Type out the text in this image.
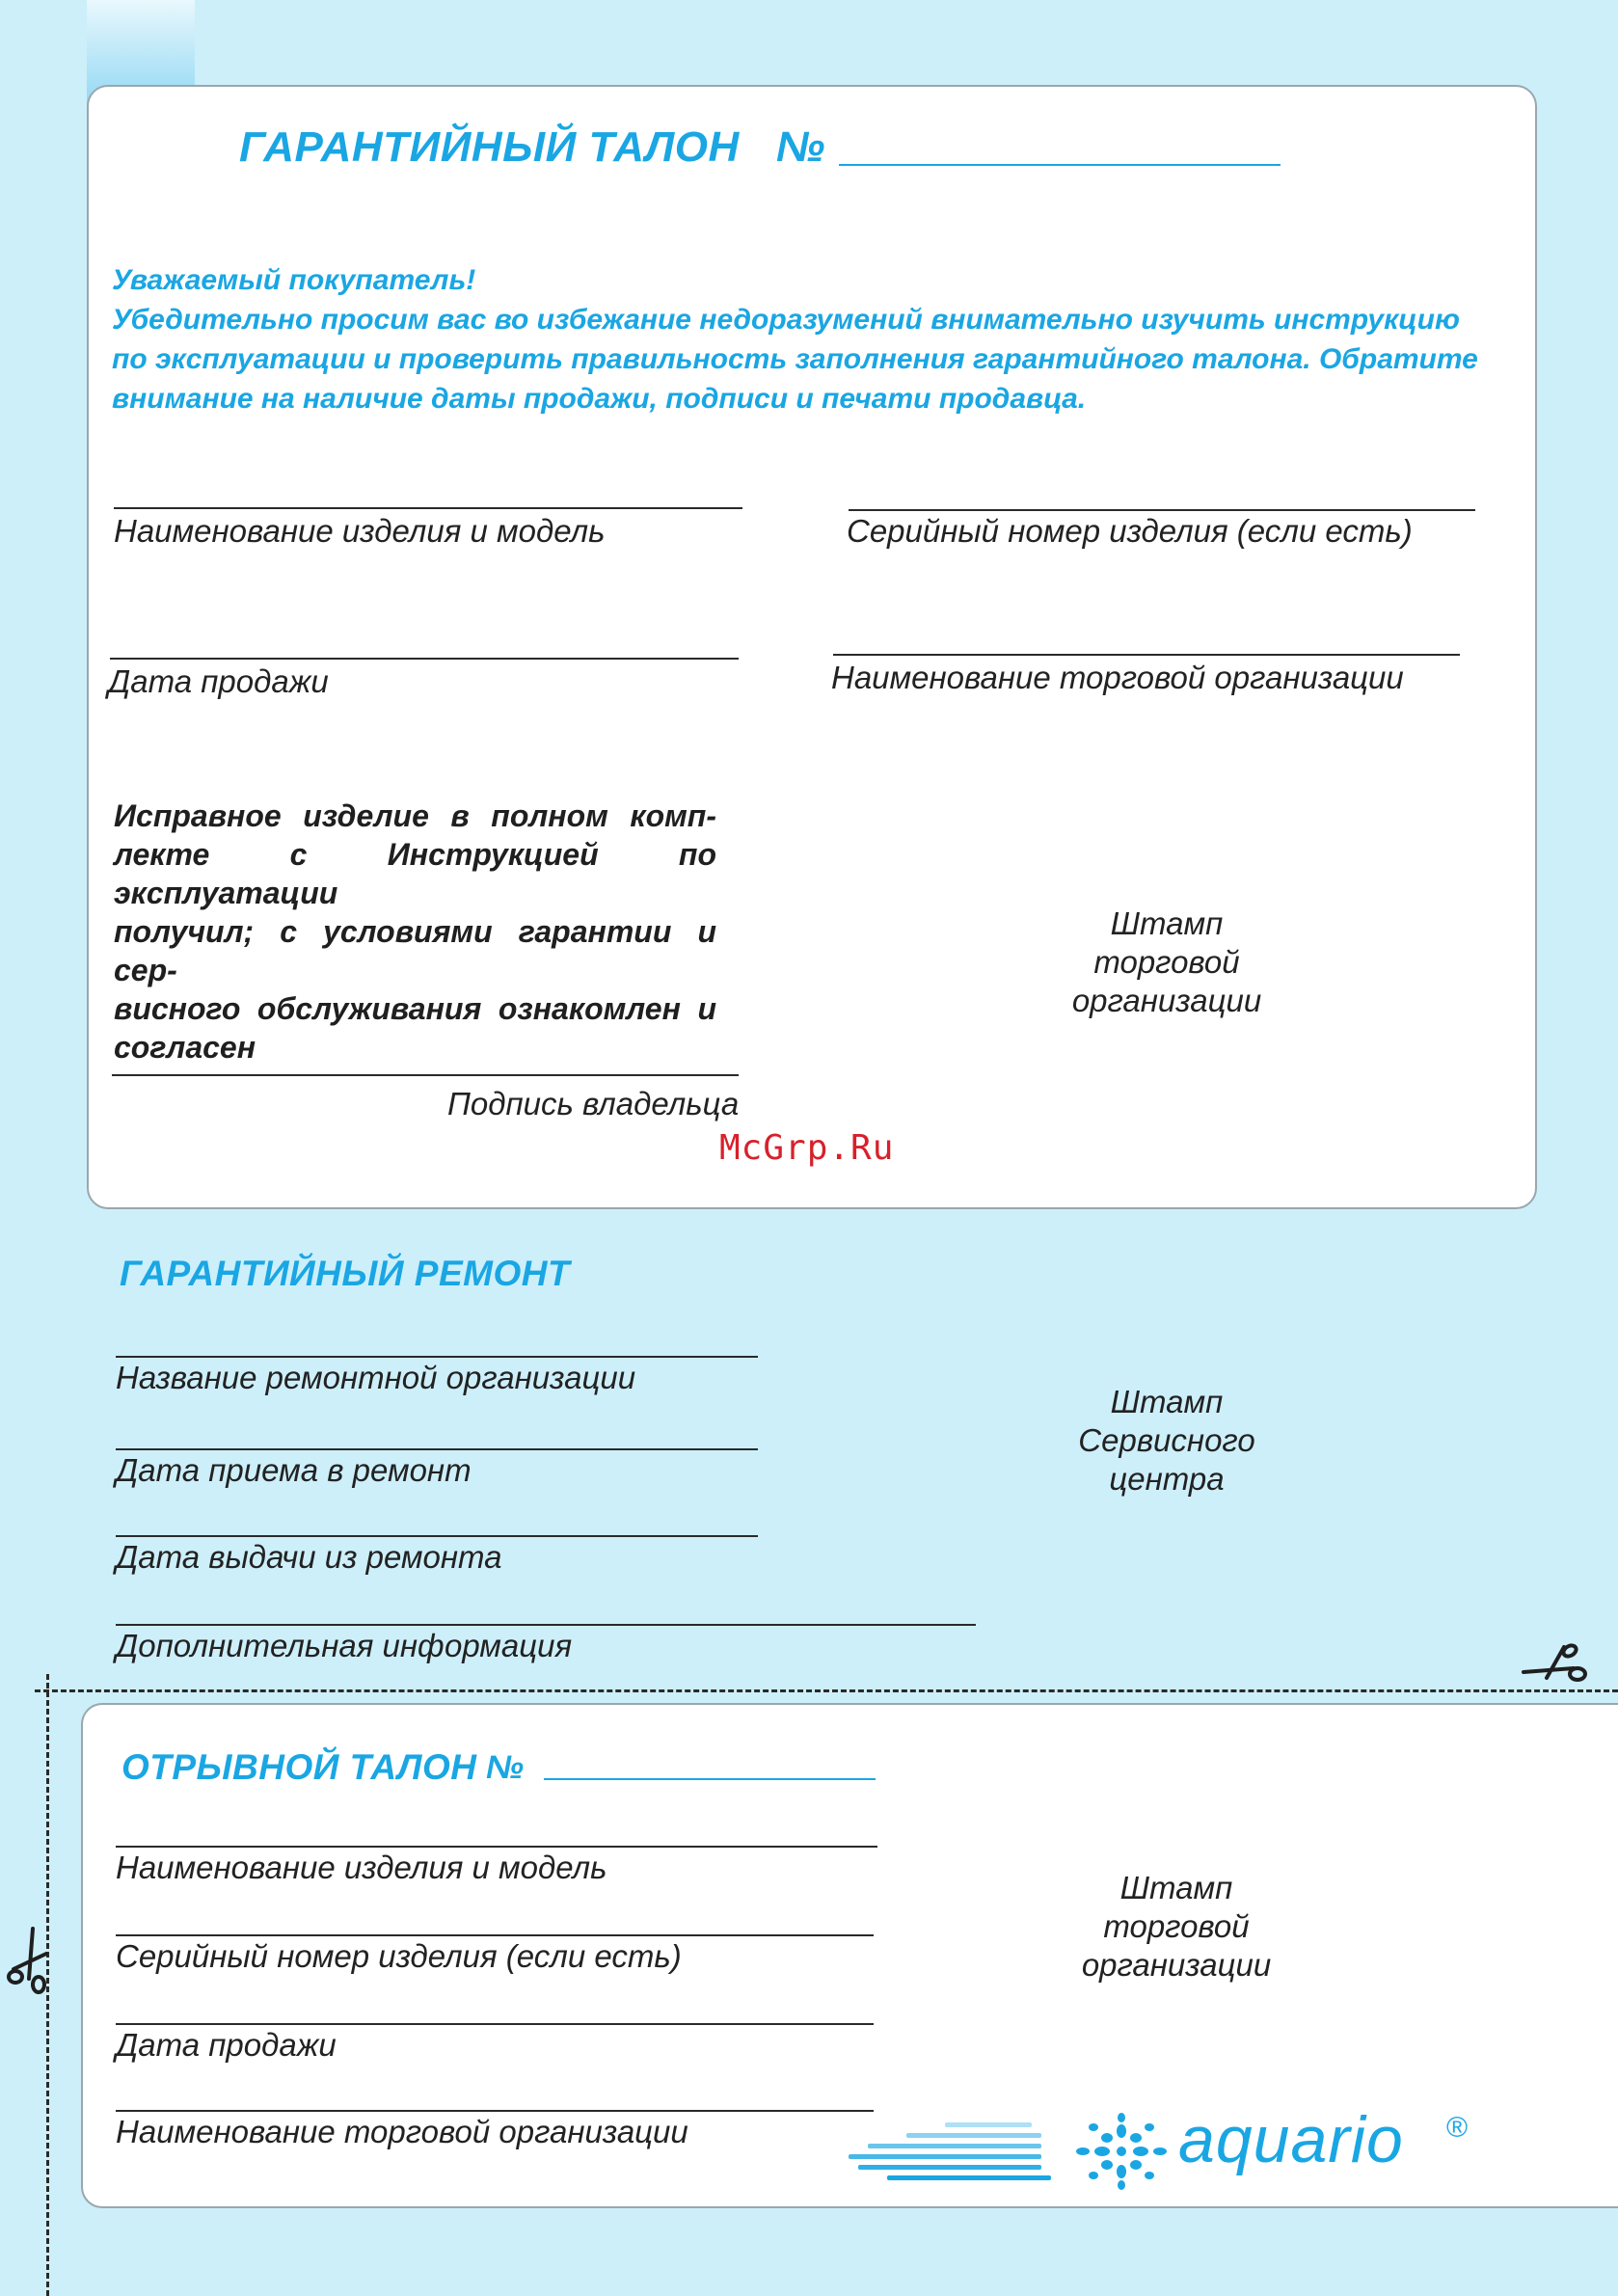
ГАРАНТИЙНЫЙ ТАЛОН   №
Уважаемый покупатель!
Убедительно просим вас во избежание недоразумений внимательно изучить инструкцию
по эксплуатации и проверить правильность заполнения гарантийного талона. Обратите
внимание на наличие даты продажи, подписи и печати продавца.
Наименование изделия и модель	Серийный номер изделия (если есть)
Дата продажи	Наименование торговой организации
Исправное изделие в полном комп-
лекте с Инструкцией по эксплуатации
получил; с условиями гарантии и сер-
висного обслуживания ознакомлен и
согласен
Штамп
торговой
организации
Подпись владельца
McGrp.Ru
ГАРАНТИЙНЫЙ РЕМОНТ
Название ремонтной организации
Дата приема в ремонт
Дата выдачи из ремонта
Дополнительная информация
Штамп
Сервисного
центра
ОТРЫВНОЙ ТАЛОН №
Наименование изделия и модель
Серийный номер изделия (если есть)
Дата продажи
Наименование торговой организации
Штамп
торговой
организации
aquario ®
